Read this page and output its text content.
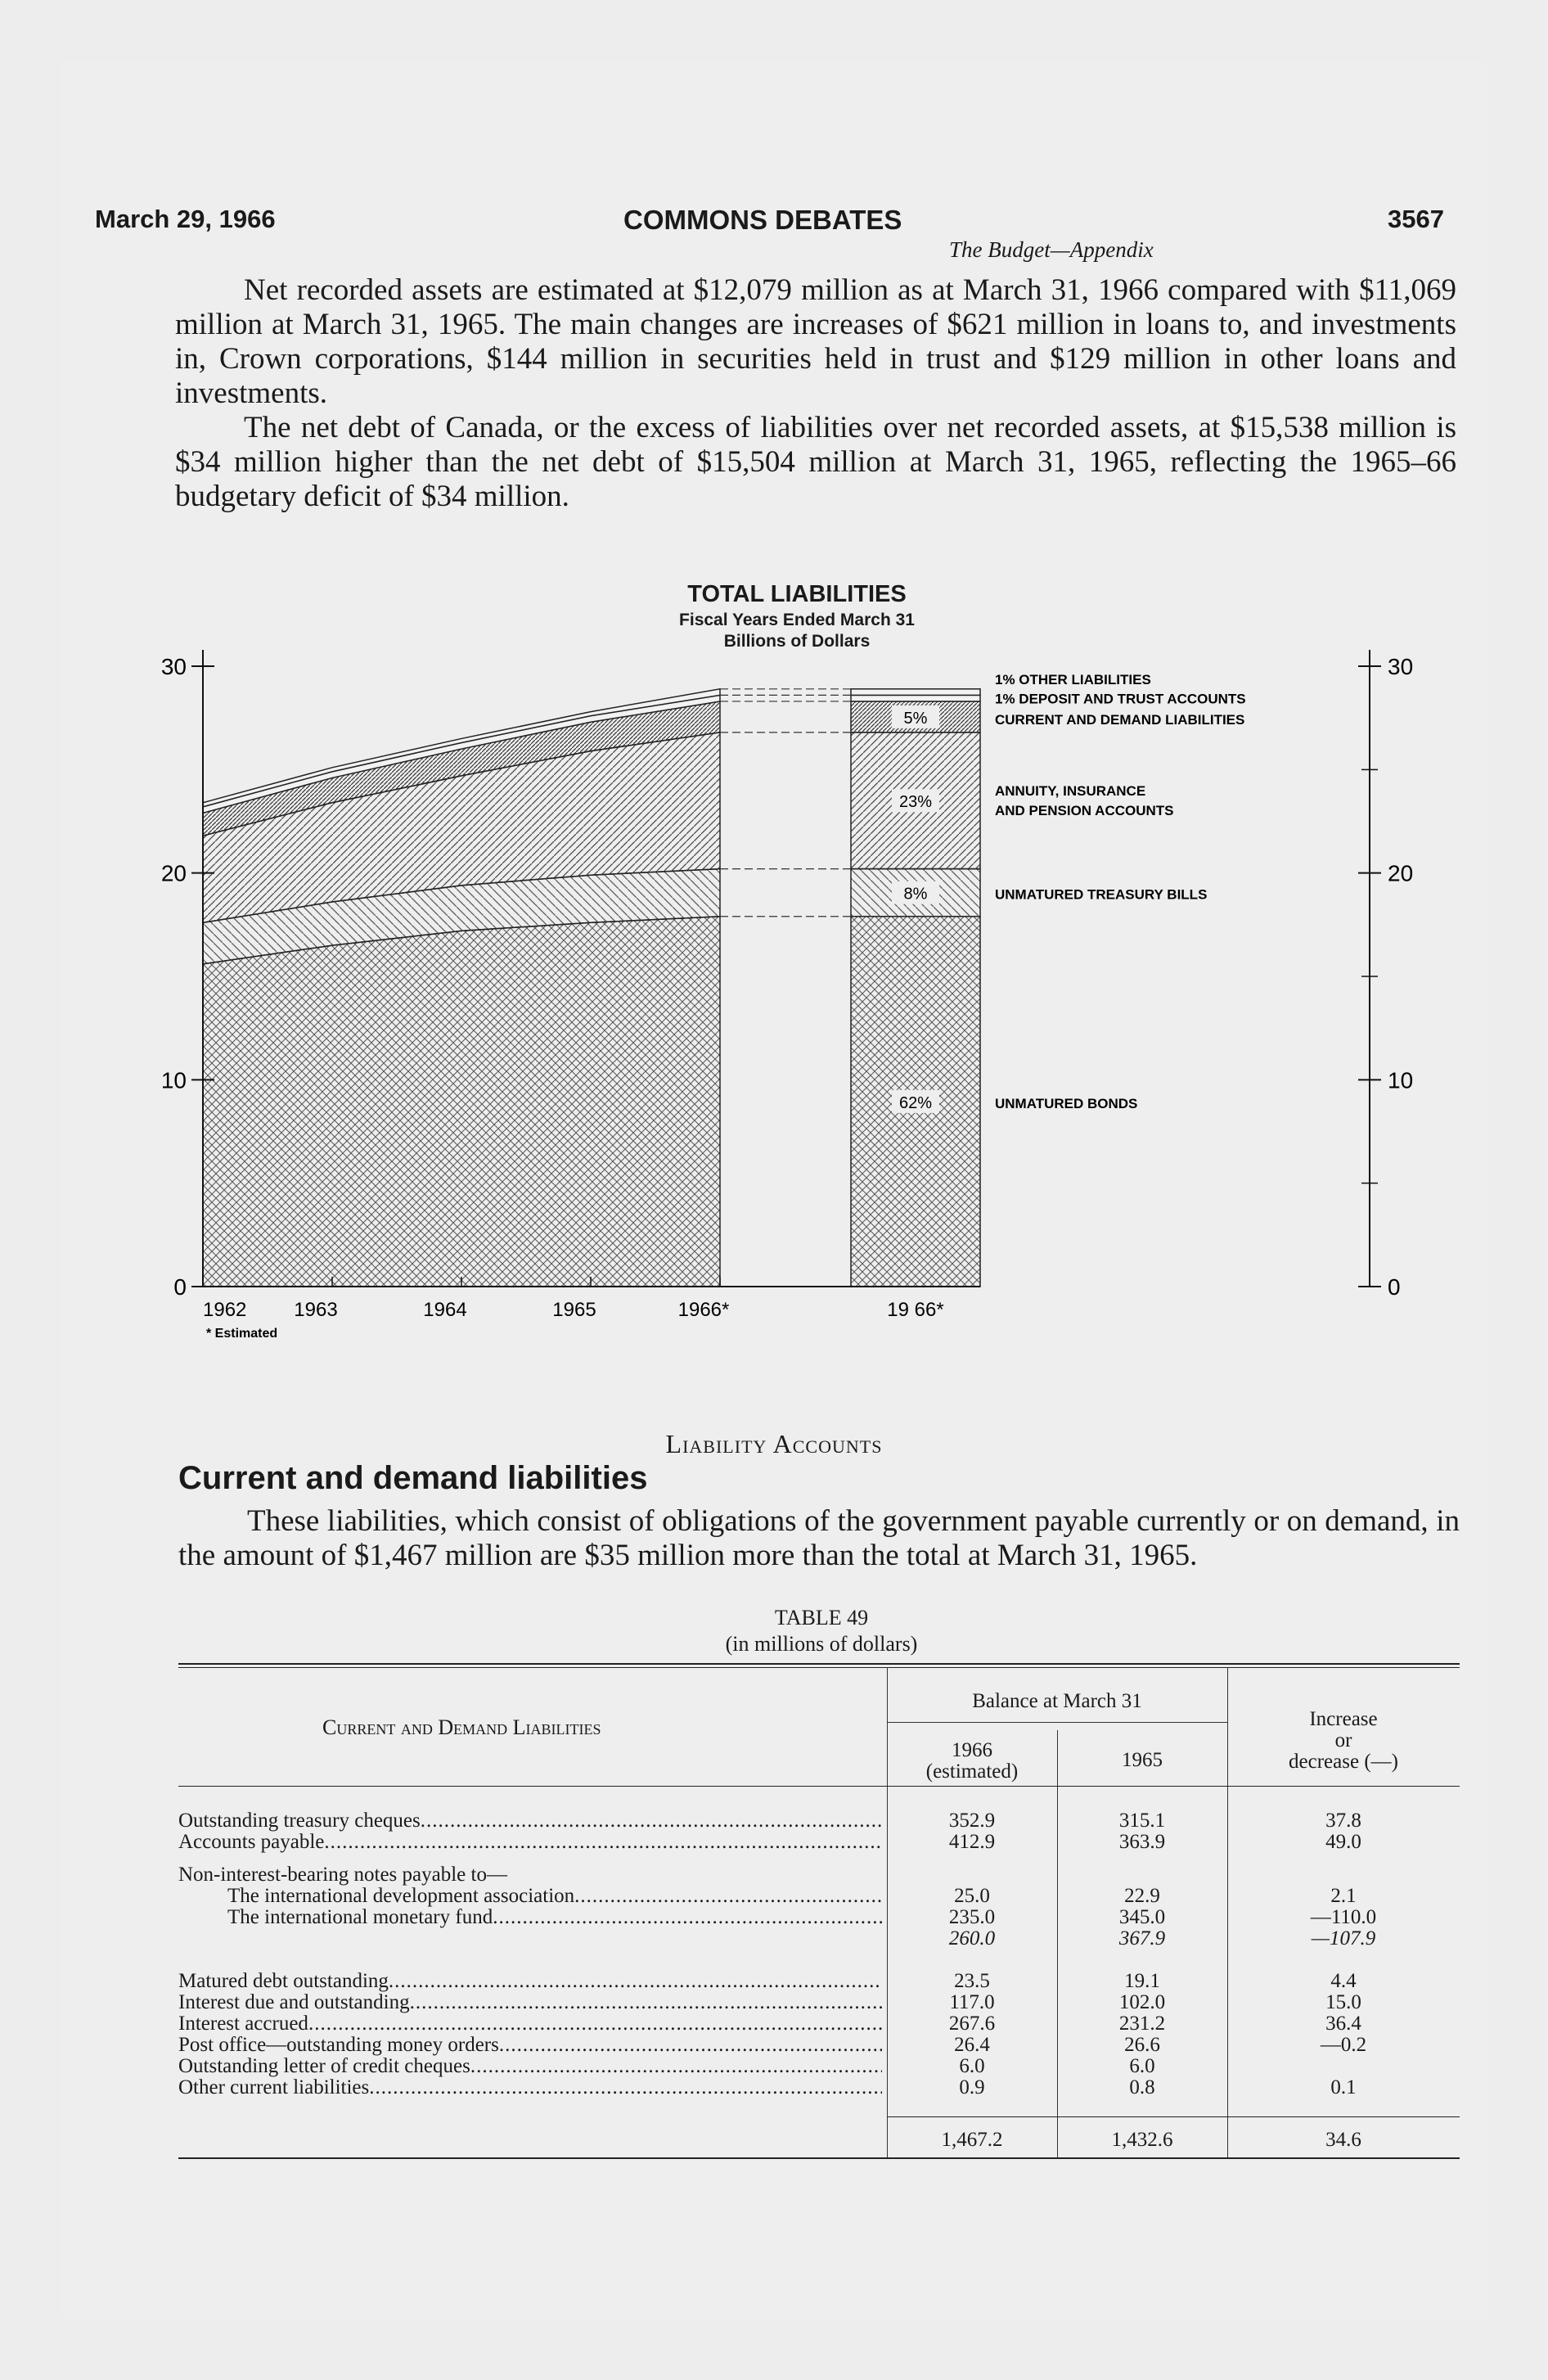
March 29, 1966	COMMONS DEBATES	3567
The Budget—Appendix
Net recorded assets are estimated at $12,079 million as at March 31, 1966 compared with $11,069 million at March 31, 1965. The main changes are increases of $621 million in loans to, and investments in, Crown corporations, $144 million in securities held in trust and $129 million in other loans and investments.
The net debt of Canada, or the excess of liabilities over net recorded assets, at $15,538 million is $34 million higher than the net debt of $15,504 million at March 31, 1965, reflecting the 1965–66 budgetary deficit of $34 million.
TOTAL LIABILITIES
Fiscal Years Ended March 31
Billions of Dollars
0	0
10	10
20	20
30	30
1962 1963	1964	1965	1966*	19 66*
* Estimated
62%
8%
23%
5%
UNMATURED BONDS
UNMATURED TREASURY BILLS
ANNUITY, INSURANCE
AND PENSION ACCOUNTS
CURRENT AND DEMAND LIABILITIES
1% DEPOSIT AND TRUST ACCOUNTS
1% OTHER LIABILITIES
Liability Accounts
Current and demand liabilities
These liabilities, which consist of obligations of the government payable currently or on demand, in the amount of $1,467 million are $35 million more than the total at March 31, 1965.
TABLE 49
(in millions of dollars)
Current and Demand Liabilities
Balance at March 31
1966
(estimated)
1965
Increase
or
decrease (—)
Outstanding treasury cheques .....	352.9	315.1	37.8
Accounts payable .....	412.9	363.9	49.0
Non-interest-bearing notes payable to—
The international development association .....	25.0	22.9	2.1
The international monetary fund .....	235.0	345.0	—110.0
260.0	367.9	—107.9
Matured debt outstanding .....	23.5	19.1	4.4
Interest due and outstanding .....	117.0	102.0	15.0
Interest accrued .....	267.6	231.2	36.4
Post office—outstanding money orders .....	26.4	26.6	—0.2
Outstanding letter of credit cheques .....	6.0	6.0
Other current liabilities .....	0.9	0.8	0.1
1,467.2	1,432.6	34.6
